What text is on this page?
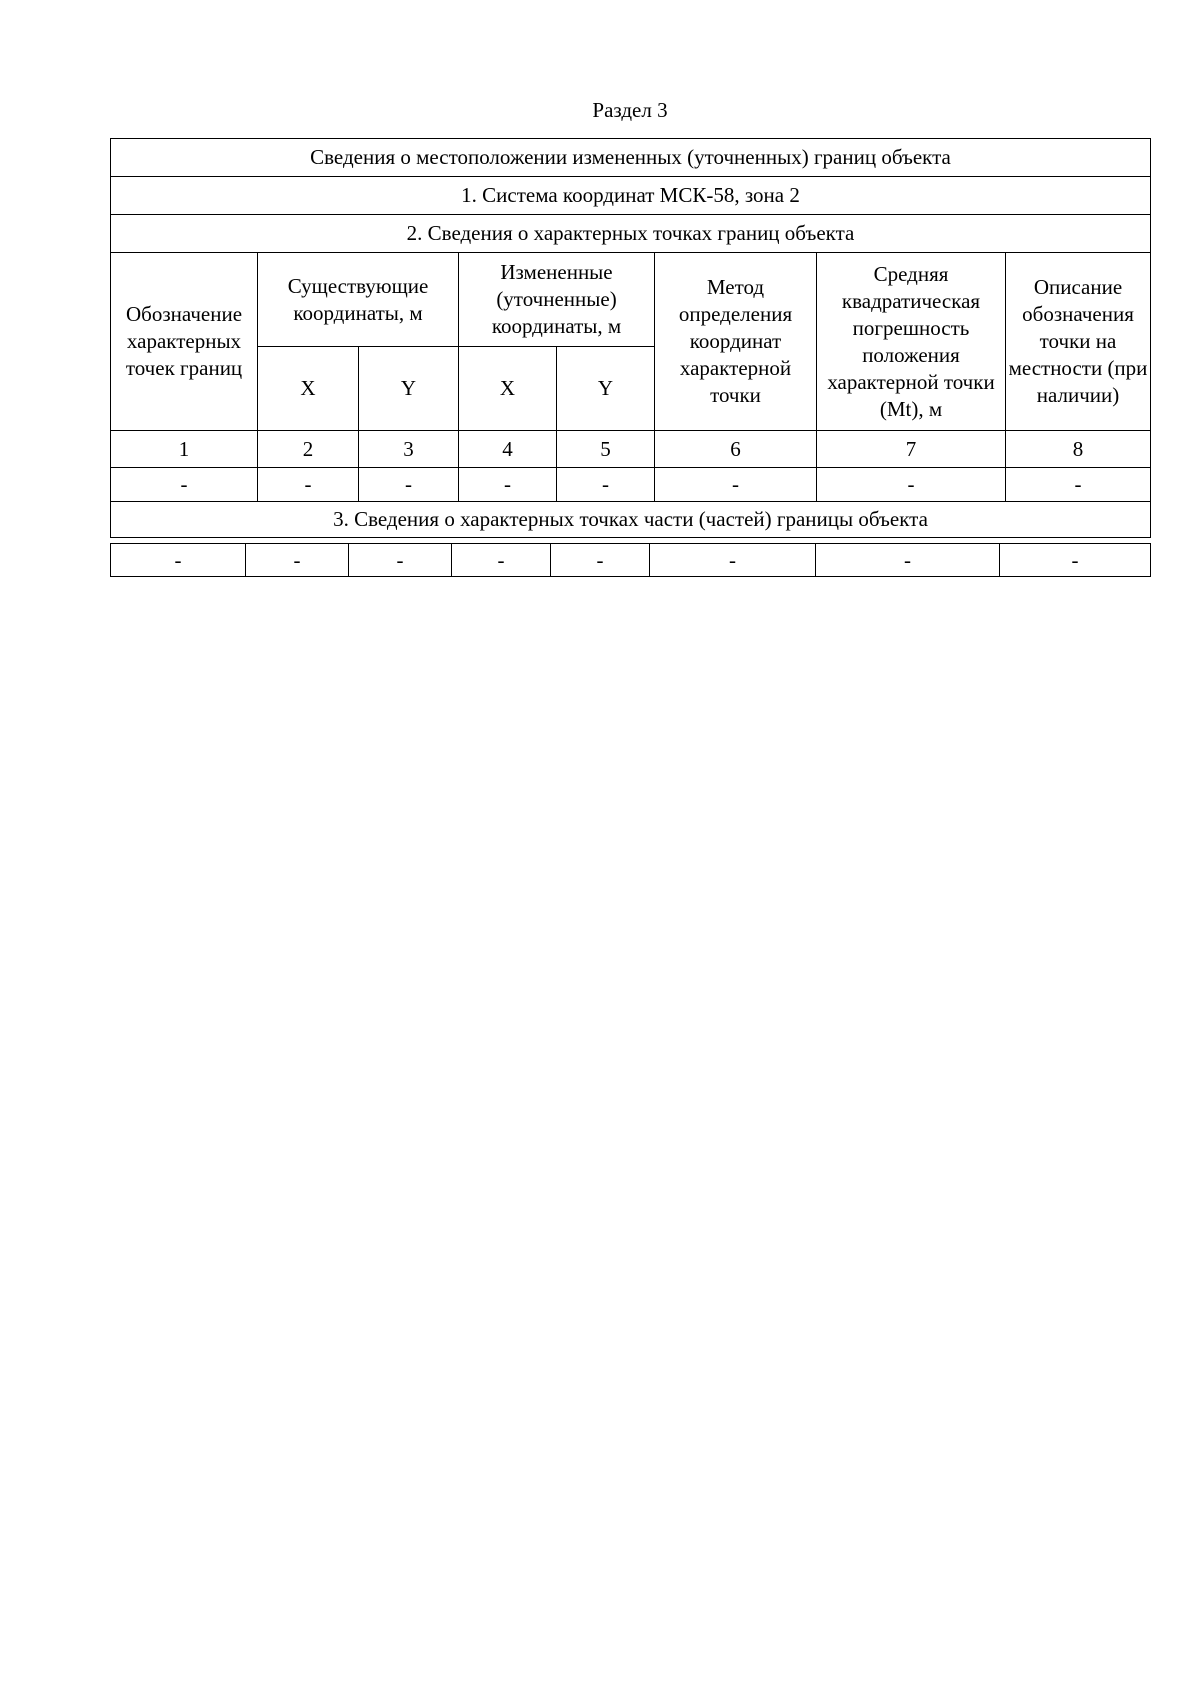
Раздел 3
Сведения о местоположении измененных (уточненных) границ объекта							
1. Система координат МСК-58, зона 2							
2. Сведения о характерных точках границ объекта							
Обозначение характерных точек границ	Существующие координаты, м		Измененные (уточненные) координаты, м		Метод определения координат характерной точки	Средняя квадратическая погрешность положения характерной точки (Mt), м	Описание обозначения точки на местности (при наличии)
	X	Y	X	Y			
1	2	3	4	5	6	7	8
-	-	-	-	-	-	-	-
3. Сведения о характерных точках части (частей) границы объекта							
-	-	-	-	-	-	-	-
